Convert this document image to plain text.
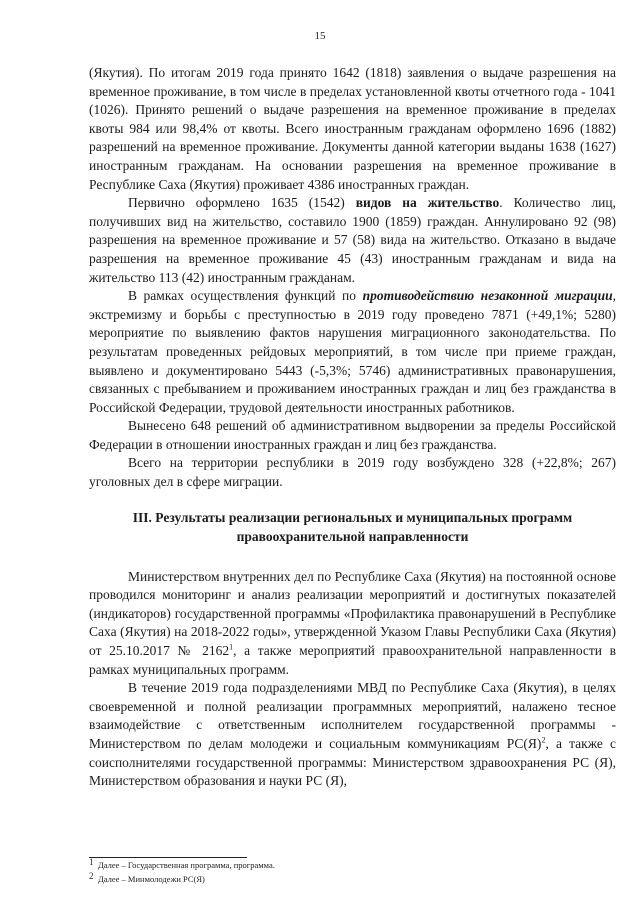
15

(Якутия). По итогам 2019 года принято 1642 (1818) заявления о выдаче разрешения на временное проживание, в том числе в пределах установленной квоты отчетного года - 1041 (1026). Принято решений о выдаче разрешения на временное проживание в пределах квоты 984 или 98,4% от квоты. Всего иностранным гражданам оформлено 1696 (1882) разрешений на временное проживание. Документы данной категории выданы 1638 (1627) иностранным гражданам. На основании разрешения на временное проживание в Республике Саха (Якутия) проживает 4386 иностранных граждан.

Первично оформлено 1635 (1542) видов на жительство. Количество лиц, получивших вид на жительство, составило 1900 (1859) граждан. Аннулировано 92 (98) разрешения на временное проживание и 57 (58) вида на жительство. Отказано в выдаче разрешения на временное проживание 45 (43) иностранным гражданам и вида на жительство 113 (42) иностранным гражданам.

В рамках осуществления функций по противодействию незаконной миграции, экстремизму и борьбы с преступностью в 2019 году проведено 7871 (+49,1%; 5280) мероприятие по выявлению фактов нарушения миграционного законодательства. По результатам проведенных рейдовых мероприятий, в том числе при приеме граждан, выявлено и документировано 5443 (-5,3%; 5746) административных правонарушения, связанных с пребыванием и проживанием иностранных граждан и лиц без гражданства в Российской Федерации, трудовой деятельности иностранных работников.

Вынесено 648 решений об административном выдворении за пределы Российской Федерации в отношении иностранных граждан и лиц без гражданства.

Всего на территории республики в 2019 году возбуждено 328 (+22,8%; 267) уголовных дел в сфере миграции.

III. Результаты реализации региональных и муниципальных программ правоохранительной направленности

Министерством внутренних дел по Республике Саха (Якутия) на постоянной основе проводился мониторинг и анализ реализации мероприятий и достигнутых показателей (индикаторов) государственной программы «Профилактика правонарушений в Республике Саха (Якутия) на 2018-2022 годы», утвержденной Указом Главы Республики Саха (Якутия) от 25.10.2017 № 2162$^1$, а также мероприятий правоохранительной направленности в рамках муниципальных программ.

В течение 2019 года подразделениями МВД по Республике Саха (Якутия), в целях своевременной и полной реализации программных мероприятий, налажено тесное взаимодействие с ответственным исполнителем государственной программы - Министерством по делам молодежи и социальным коммуникациям $РС(Я)^2$, а также с соисполнителями государственной программы: Министерством здравоохранения РС (Я), Министерством образования и науки РС (Я),

1 Далее – Государственная программа, программа.
2 Далее – Минмолодежи РС(Я)
